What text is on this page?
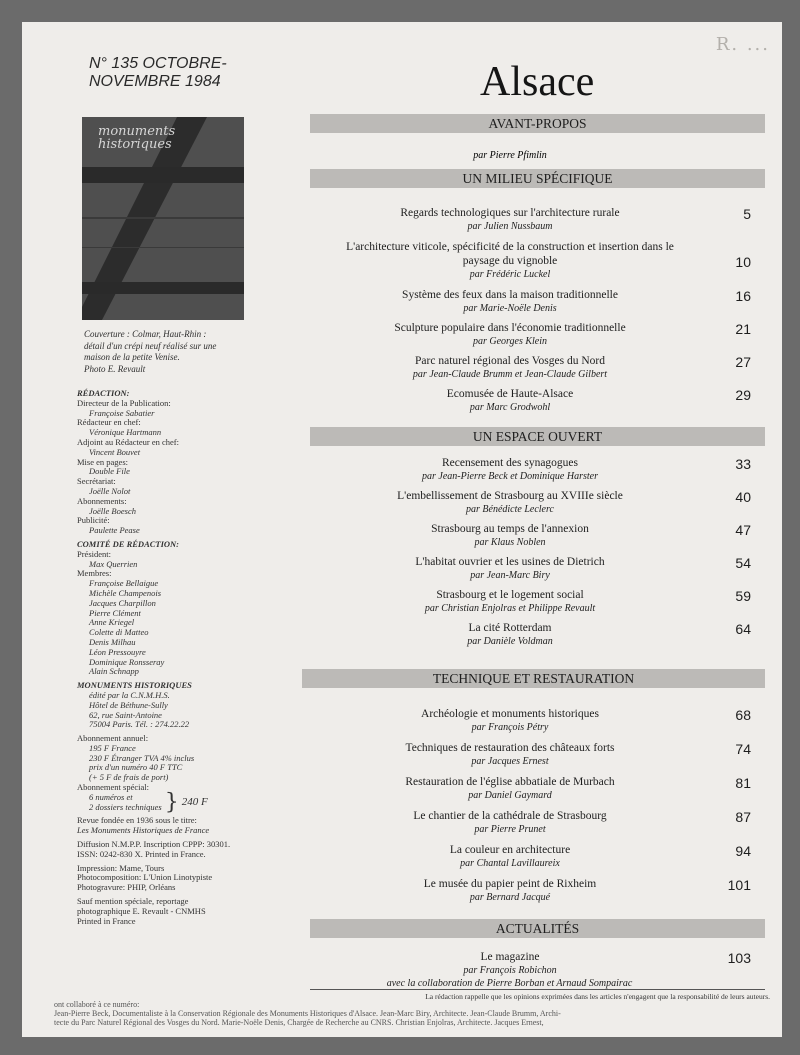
R. ...
N° 135 OCTOBRE-
NOVEMBRE 1984	Alsace
monuments
historiques
Couverture : Colmar, Haut-Rhin :
détail d'un crépi neuf réalisé sur une
maison de la petite Venise.
Photo E. Revault
RÉDACTION:
Directeur de la Publication:
Françoise Sabatier
Rédacteur en chef:
Véronique Hartmann
Adjoint au Rédacteur en chef:
Vincent Bouvet
Mise en pages:
Double File
Secrétariat:
Joëlle Nolot
Abonnements:
Joëlle Boesch
Publicité:
Paulette Pease
COMITÉ DE RÉDACTION:
Président:
Max Querrien
Membres:
Françoise Bellaigue
Michèle Champenois
Jacques Charpillon
Pierre Clément
Anne Kriegel
Colette di Matteo
Denis Milhau
Léon Pressouyre
Dominique Ronsseray
Alain Schnapp
MONUMENTS HISTORIQUES
édité par la C.N.M.H.S.
Hôtel de Béthune-Sully
62, rue Saint-Antoine
75004 Paris. Tél. : 274.22.22
Abonnement annuel:
195 F France
230 F Étranger TVA 4% inclus
prix d'un numéro 40 F TTC
(+ 5 F de frais de port)
Abonnement spécial:
6 numéros et
2 dossiers techniques } 240 F
Revue fondée en 1936 sous le titre:
Les Monuments Historiques de France
Diffusion N.M.P.P. Inscription CPPP: 30301.
ISSN: 0242-830 X. Printed in France.
Impression: Mame, Tours
Photocomposition: L'Union Linotypiste
Photogravure: PHIP, Orléans
Sauf mention spéciale, reportage
photographique E. Revault - CNMHS
Printed in France
AVANT-PROPOS
par Pierre Pfimlin
UN MILIEU SPÉCIFIQUE
Regards technologiques sur l'architecture rurale
par Julien Nussbaum
5
L'architecture viticole, spécificité de la construction et insertion dans le paysage du vignoble
par Frédéric Luckel
10
Système des feux dans la maison traditionnelle
par Marie-Noële Denis
16
Sculpture populaire dans l'économie traditionnelle
par Georges Klein
21
Parc naturel régional des Vosges du Nord
par Jean-Claude Brumm et Jean-Claude Gilbert
27
Ecomusée de Haute-Alsace
par Marc Grodwohl
29
UN ESPACE OUVERT
Recensement des synagogues
par Jean-Pierre Beck et Dominique Harster
33
L'embellissement de Strasbourg au XVIIIe siècle
par Bénédicte Leclerc
40
Strasbourg au temps de l'annexion
par Klaus Noblen
47
L'habitat ouvrier et les usines de Dietrich
par Jean-Marc Biry
54
Strasbourg et le logement social
par Christian Enjolras et Philippe Revault
59
La cité Rotterdam
par Danièle Voldman
64
TECHNIQUE ET RESTAURATION
Archéologie et monuments historiques
par François Pétry
68
Techniques de restauration des châteaux forts
par Jacques Ernest
74
Restauration de l'église abbatiale de Murbach
par Daniel Gaymard
81
Le chantier de la cathédrale de Strasbourg
par Pierre Prunet
87
La couleur en architecture
par Chantal Lavillaureix
94
Le musée du papier peint de Rixheim
par Bernard Jacqué
101
ACTUALITÉS
Le magazine
par François Robichon
avec la collaboration de Pierre Borban et Arnaud Sompairac
103
La rédaction rappelle que les opinions exprimées dans les articles n'engagent que la responsabilité de leurs auteurs.
ont collaboré à ce numéro:
Jean-Pierre Beck, Documentaliste à la Conservation Régionale des Monuments Historiques d'Alsace. Jean-Marc Biry, Architecte. Jean-Claude Brumm, Archi-
tecte du Parc Naturel Régional des Vosges du Nord. Marie-Noële Denis, Chargée de Recherche au CNRS. Christian Enjolras, Architecte. Jacques Ernest,
